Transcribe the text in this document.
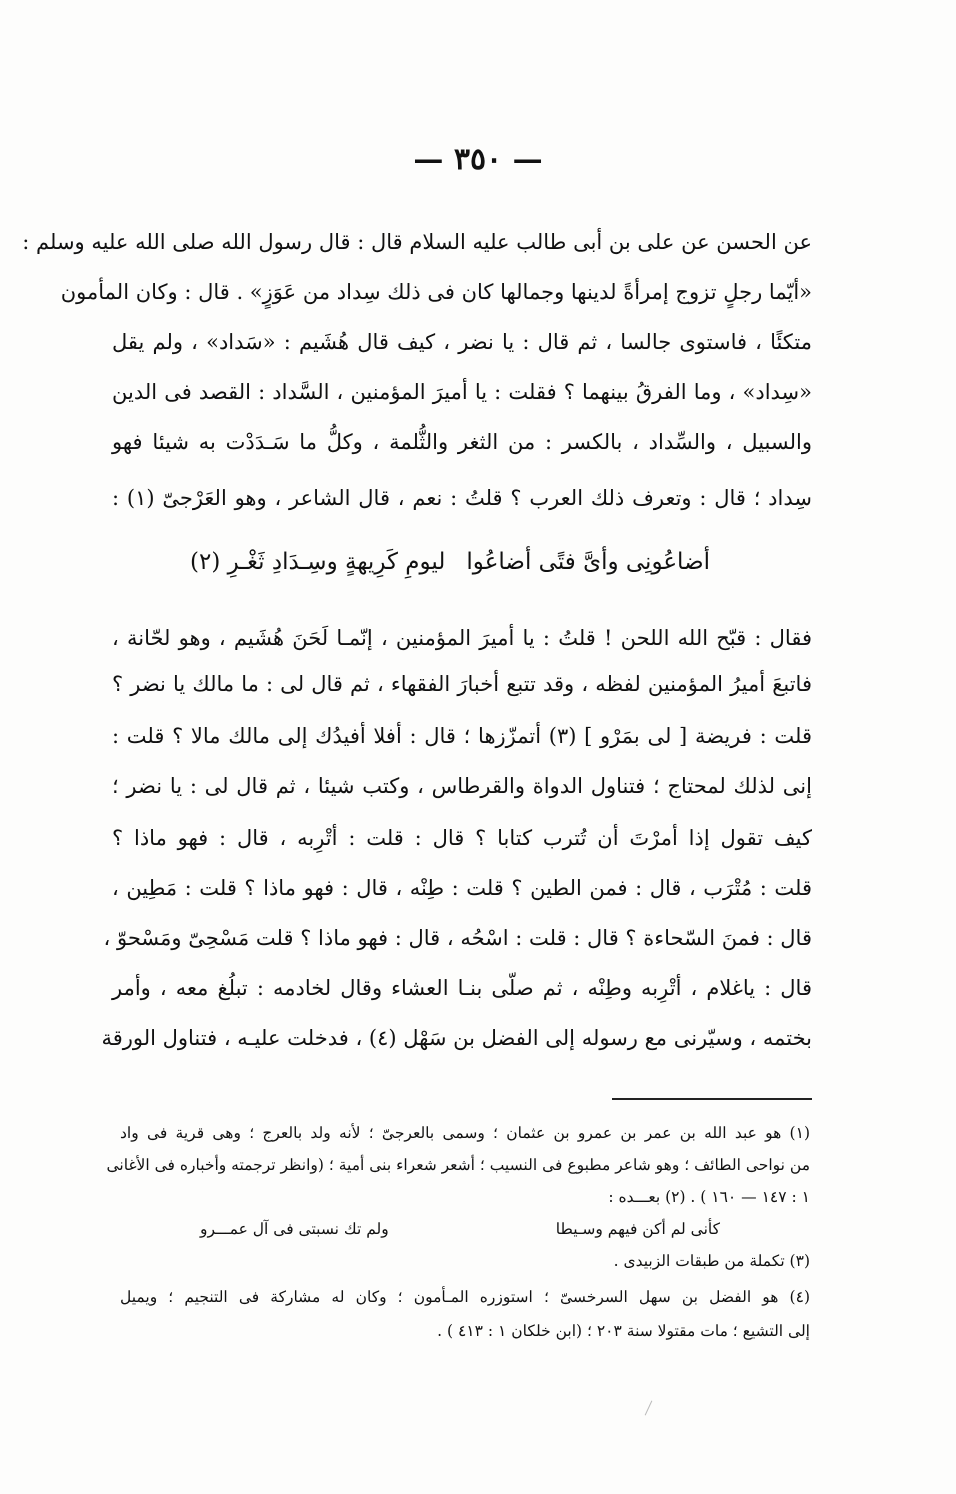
— ٣٥٠ —
عن الحسن عن على بن أبى طالب عليه السلام قال : قال رسول الله صلى الله عليه وسلم :
«أيّما رجلٍ تزوج إمرأةً لدينها وجمالها كان فى ذلك سِداد من عَوَزٍ» . قال : وكان المأمون
متكئًا ، فاستوى جالسا ، ثم قال : يا نضر ، كيف قال هُشَيم : «سَداد» ، ولم يقل
«سِداد» ، وما الفرقُ بينهما ؟ فقلت : يا أميرَ المؤمنين ، السَّداد : القصد فى الدين
والسبيل ، والسِّداد ، بالكسر : من الثغر والثُّلمة ، وكلُّ ما سَـدَدْت به شيئا فهو
سِداد ؛ قال : وتعرف ذلك العرب ؟ قلتُ : نعم ، قال الشاعر ، وهو العَرْجىّ (١) :
أضاعُونِى وأىَّ فتًى أضاعُوا
ليومِ كَرِيهةٍ وسِـدَادِ ثَغْـرِ (٢)
فقال : قبّح الله اللحن ! قلتُ : يا أميرَ المؤمنين ، إنّمـا لَحَنَ هُشَيم ، وهو لحّانة ،
فاتبعَ أميرُ المؤمنين لفظه ، وقد تتبع أخبارَ الفقهاء ، ثم قال لى : ما مالك يا نضر ؟
قلت : فريضة [ لى بمَرْو ] (٣) أتمزّزها ؛ قال : أفلا أفيدُك إلى مالك مالا ؟ قلت :
إنى لذلك لمحتاج ؛ فتناول الدواة والقرطاس ، وكتب شيئا ، ثم قال لى : يا نضر ؛
كيف تقول إذا أمرْتَ أن تُترب كتابا ؟ قال : قلت : أتْرِبه ، قال : فهو ماذا ؟
قلت : مُتْرَب ، قال : فمن الطين ؟ قلت : طِنْه ، قال : فهو ماذا ؟ قلت : مَطِين ،
قال : فمنَ السّحاءة ؟ قال : قلت : اسْحُه ، قال : فهو ماذا ؟ قلت مَسْحِىّ ومَسْحوّ ،
قال : ياغلام ، أتْرِبه وطِنْه ، ثم صلّى بنـا العشاء وقال لخادمه : تبلُغ معه ، وأمر
بختمه ، وسيّرنى مع رسوله إلى الفضل بن سَهْل (٤) ، فدخلت عليـه ، فتناول الورقة
(١) هو عبد الله بن عمر بن عمرو بن عثمان ؛ وسمى بالعرجىّ ؛ لأنه ولد بالعرج ؛ وهى قرية فى واد
من نواحى الطائف ؛ وهو شاعر مطبوع فى النسيب ؛ أشعر شعراء بنى أمية ؛ (وانظر ترجمته وأخباره فى الأغانى
١ : ١٤٧ — ١٦٠ ) . (٢) بعـــده :
كأنى لم أكن فيهم وسـيطا
ولم تك نسبتى فى آل عمـــرو
(٣) تكملة من طبقات الزبيدى .
(٤) هو الفضل بن سهل السرخسىّ ؛ استوزره المـأمون ؛ وكان له مشاركة فى التنجيم ؛ ويميل
إلى التشيع ؛ مات مقتولا سنة ٢٠٣ ؛ (ابن خلكان ١ : ٤١٣ ) .
